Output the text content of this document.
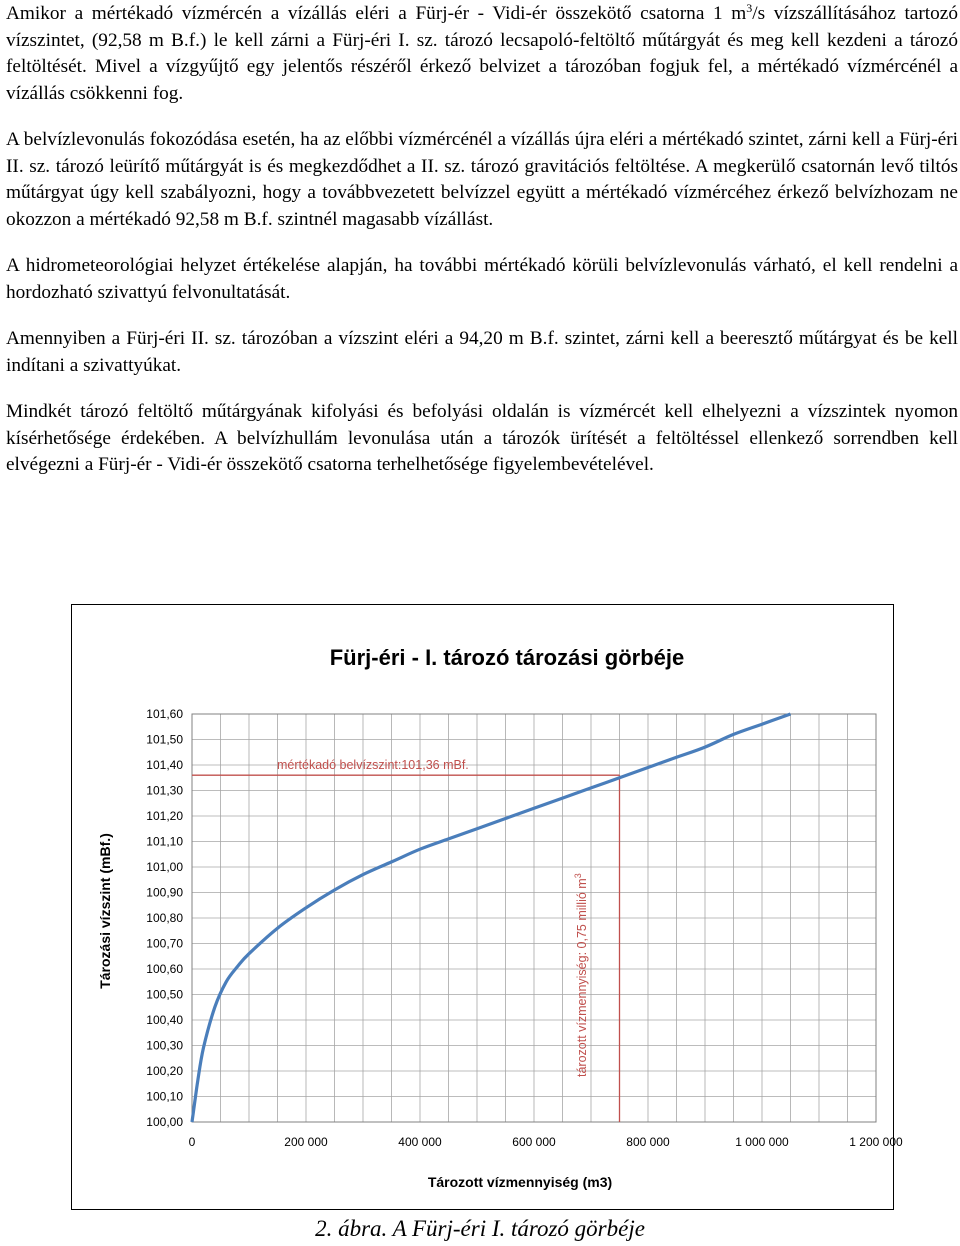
Amikor a mértékadó vízmércén a vízállás eléri a Fürj-ér - Vidi-ér összekötő csatorna 1 $m^3/s$ vízszállításához tartozó vízszintet, (92,58 m B.f.) le kell zárni a Fürj-éri I. sz. tározó lecsapoló-feltöltő műtárgyát és meg kell kezdeni a tározó feltöltését. Mivel a vízgyűjtő egy jelentős részéről érkező belvizet a tározóban fogjuk fel, a mértékadó vízmércénél a vízállás csökkenni fog.

A belvízlevonulás fokozódása esetén, ha az előbbi vízmércénél a vízállás újra eléri a mértékadó szintet, zárni kell a Fürj-éri II. sz. tározó leürítő műtárgyát is és megkezdődhet a II. sz. tározó gravitációs feltöltése. A megkerülő csatornán levő tiltós műtárgyat úgy kell szabályozni, hogy a továbbvezetett belvízzel együtt a mértékadó vízmércéhez érkező belvízhozam ne okozzon a mértékadó 92,58 m B.f. szintnél magasabb vízállást.

A hidrometeorológiai helyzet értékelése alapján, ha további mértékadó körüli belvízlevonulás várható, el kell rendelni a hordozható szivattyú felvonultatását.

Amennyiben a Fürj-éri II. sz. tározóban a vízszint eléri a 94,20 m B.f. szintet, zárni kell a beeresztő műtárgyat és be kell indítani a szivattyúkat.

Mindkét tározó feltöltő műtárgyának kifolyási és befolyási oldalán is vízmércét kell elhelyezni a vízszintek nyomon kísérhetősége érdekében. A belvízhullám levonulása után a tározók ürítését a feltöltéssel ellenkező sorrendben kell elvégezni a Fürj-ér - Vidi-ér összekötő csatorna terhelhetősége figyelembevételével.

100,00
100,10
100,20
100,30
100,40
100,50
100,60
100,70
100,80
100,90
101,00
101,10
101,20
101,30
101,40
101,50
101,60
0	200 000	400 000	600 000	800 000	1 000 000	1 200 000
Fürj-éri - I. tározó tározási görbéje
Tározott vízmennyiség (m3)
Tározási vízszint (mBf.)
mértékadó belvízszint:101,36 mBf.
tározott vízmennyiség: 0,75 millió $m^3$
2. ábra. A Fürj-éri I. tározó görbéje
